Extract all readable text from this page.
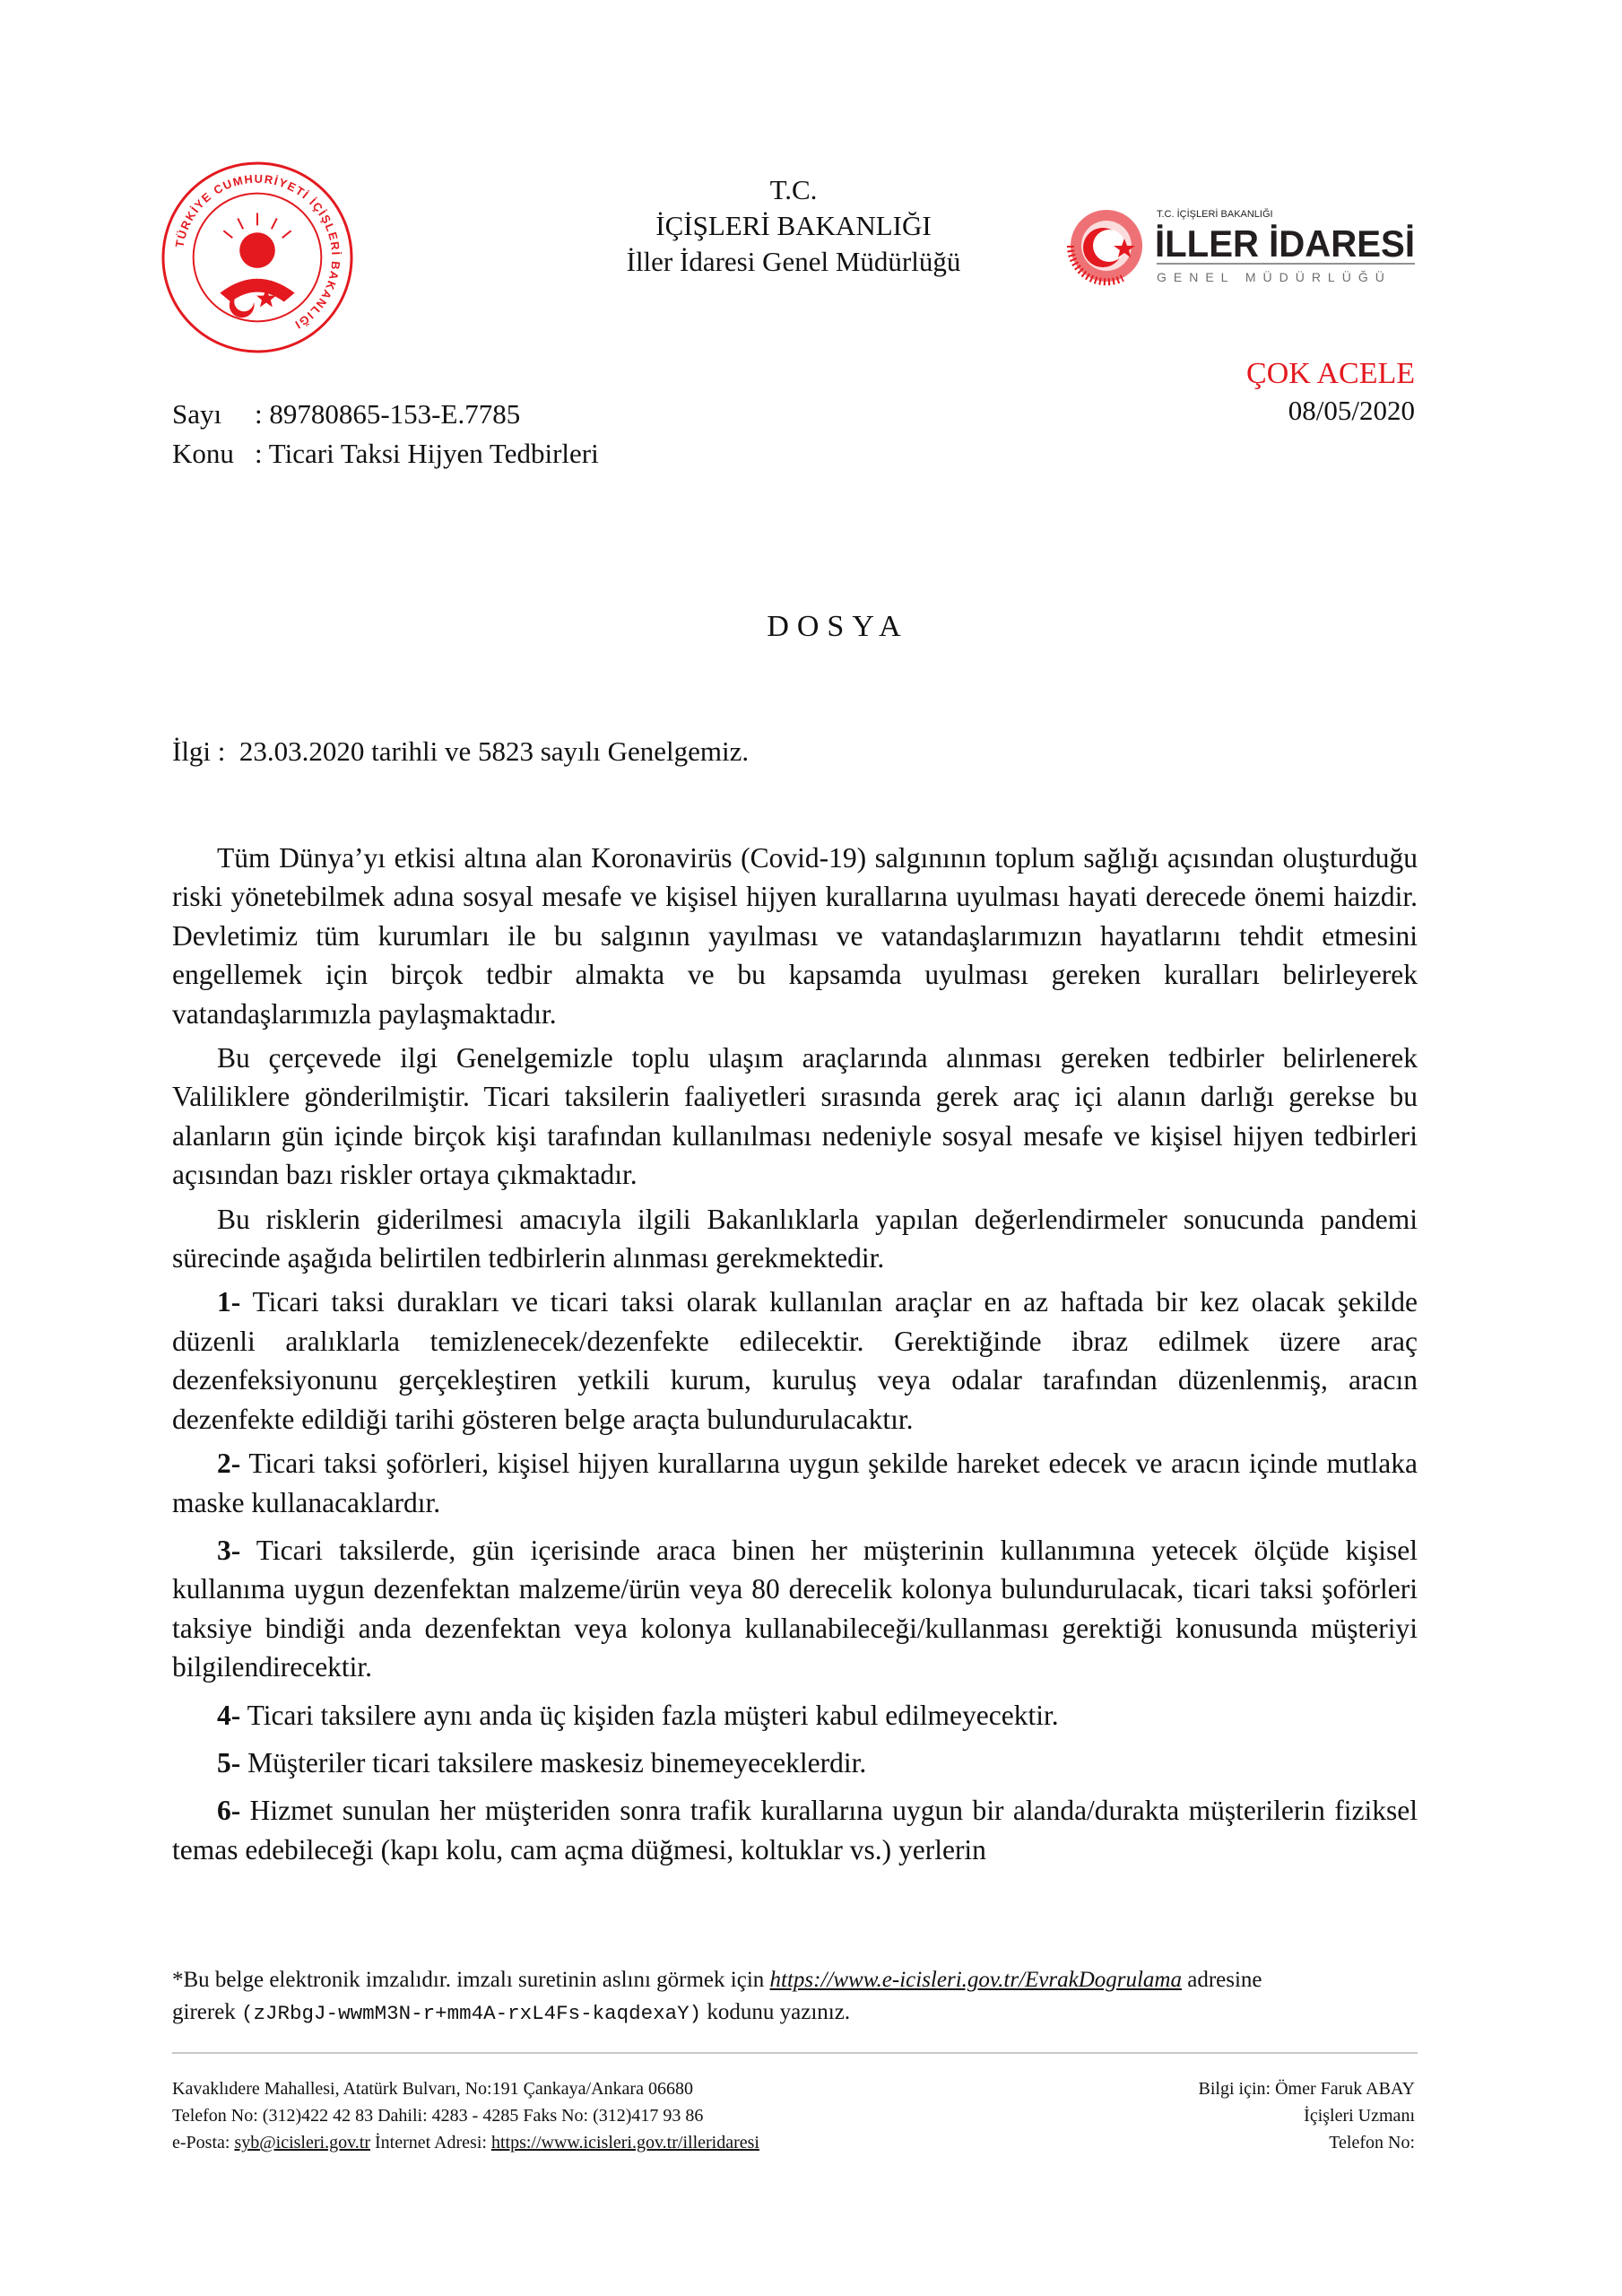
TÜRKİYE CUMHURİYETİ İÇİŞLERİ BAKANLIĞI
T.C.
İÇİŞLERİ BAKANLIĞI
İller İdaresi Genel Müdürlüğü
T.C. İÇİŞLERİ BAKANLIĞI
İLLER İDARESİ
GENEL MÜDÜRLÜĞÜ
ÇOK ACELE
08/05/2020
Sayı : 89780865-153-E.7785
Konu : Ticari Taksi Hijyen Tedbirleri
DOSYA
İlgi : 23.03.2020 tarihli ve 5823 sayılı Genelgemiz.

Tüm Dünya’yı etkisi altına alan Koronavirüs (Covid-19) salgınının toplum sağlığı açısından oluşturduğu riski yönetebilmek adına sosyal mesafe ve kişisel hijyen kurallarına uyulması hayati derecede önemi haizdir. Devletimiz tüm kurumları ile bu salgının yayılması ve vatandaşlarımızın hayatlarını tehdit etmesini engellemek için birçok tedbir almakta ve bu kapsamda uyulması gereken kuralları belirleyerek vatandaşlarımızla paylaşmaktadır.

Bu çerçevede ilgi Genelgemizle toplu ulaşım araçlarında alınması gereken tedbirler belirlenerek Valiliklere gönderilmiştir. Ticari taksilerin faaliyetleri sırasında gerek araç içi alanın darlığı gerekse bu alanların gün içinde birçok kişi tarafından kullanılması nedeniyle sosyal mesafe ve kişisel hijyen tedbirleri açısından bazı riskler ortaya çıkmaktadır.

Bu risklerin giderilmesi amacıyla ilgili Bakanlıklarla yapılan değerlendirmeler sonucunda pandemi sürecinde aşağıda belirtilen tedbirlerin alınması gerekmektedir.

1- Ticari taksi durakları ve ticari taksi olarak kullanılan araçlar en az haftada bir kez olacak şekilde düzenli aralıklarla temizlenecek/dezenfekte edilecektir. Gerektiğinde ibraz edilmek üzere araç dezenfeksiyonunu gerçekleştiren yetkili kurum, kuruluş veya odalar tarafından düzenlenmiş, aracın dezenfekte edildiği tarihi gösteren belge araçta bulundurulacaktır.

2- Ticari taksi şoförleri, kişisel hijyen kurallarına uygun şekilde hareket edecek ve aracın içinde mutlaka maske kullanacaklardır.

3- Ticari taksilerde, gün içerisinde araca binen her müşterinin kullanımına yetecek ölçüde kişisel kullanıma uygun dezenfektan malzeme/ürün veya 80 derecelik kolonya bulundurulacak, ticari taksi şoförleri taksiye bindiği anda dezenfektan veya kolonya kullanabileceği/kullanması gerektiği konusunda müşteriyi bilgilendirecektir.

4- Ticari taksilere aynı anda üç kişiden fazla müşteri kabul edilmeyecektir.

5- Müşteriler ticari taksilere maskesiz binemeyeceklerdir.

6- Hizmet sunulan her müşteriden sonra trafik kurallarına uygun bir alanda/durakta müşterilerin fiziksel temas edebileceği (kapı kolu, cam açma düğmesi, koltuklar vs.) yerlerin

*Bu belge elektronik imzalıdır. imzalı suretinin aslını görmek için https://www.e-icisleri.gov.tr/EvrakDogrulama adresine
girerek (zJRbgJ-wwmM3N-r+mm4A-rxL4Fs-kaqdexaY) kodunu yazınız.
Kavaklıdere Mahallesi, Atatürk Bulvarı, No:191 Çankaya/Ankara 06680
Telefon No: (312)422 42 83 Dahili: 4283 - 4285 Faks No: (312)417 93 86
e-Posta: syb@icisleri.gov.tr İnternet Adresi: https://www.icisleri.gov.tr/illeridaresi
Bilgi için: Ömer Faruk ABAY
İçişleri Uzmanı
Telefon No:
